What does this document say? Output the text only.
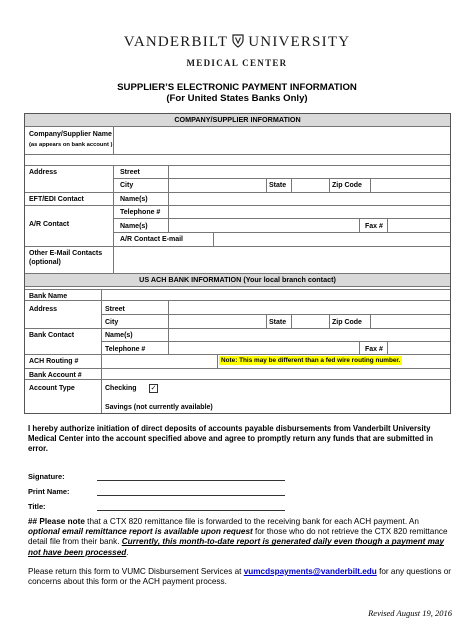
VANDERBILT UNIVERSITY
MEDICAL CENTER
SUPPLIER’S ELECTRONIC PAYMENT INFORMATION
(For United States Banks Only)
COMPANY/SUPPLIER INFORMATION
Company/Supplier Name
(as appears on bank account )
Address	Street
City	State	Zip Code
EFT/EDI Contact	Name(s)
A/R Contact
Telephone #
Name(s)	Fax #
A/R Contact E-mail
Other E-Mail Contacts
(optional)
US ACH BANK INFORMATION (Your local branch contact)
Bank Name
Address	Street
City	State	Zip Code
Bank Contact	Name(s)
Telephone #	Fax #
ACH Routing #	Note: This may be different than a fed wire routing number.
Bank Account #
Account Type	Checking ✓
Savings (not currently available)
I hereby authorize initiation of direct deposits of accounts payable disbursements from Vanderbilt University Medical Center into the account specified above and agree to promptly return any funds that are submitted in error.
Signature:
Print Name:
Title:
## Please note that a CTX 820 remittance file is forwarded to the receiving bank for each ACH payment. An optional email remittance report is available upon request for those who do not retrieve the CTX 820 remittance detail file from their bank. Currently, this month-to-date report is generated daily even though a payment may not have been processed.
Please return this form to VUMC Disbursement Services at vumcdspayments@vanderbilt.edu for any questions or concerns about this form or the ACH payment process.
Revised August 19, 2016
